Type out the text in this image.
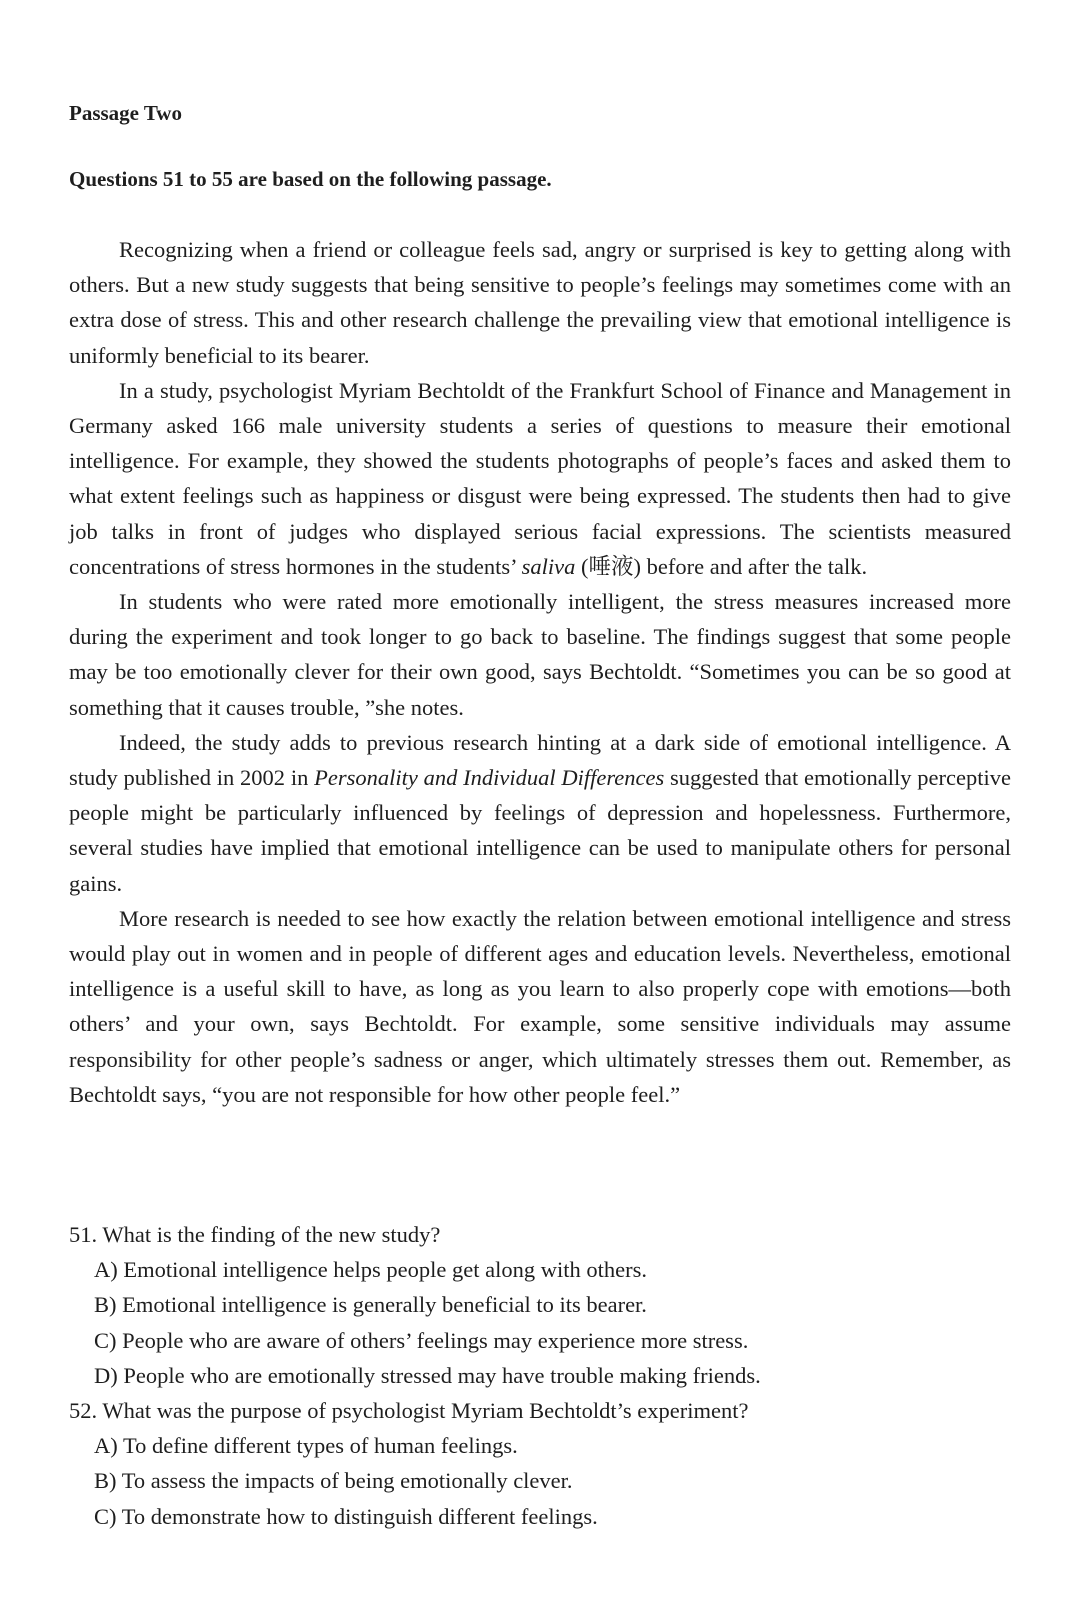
Passage Two
Questions 51 to 55 are based on the following passage.

Recognizing when a friend or colleague feels sad, angry or surprised is key to getting along with others. But a new study suggests that being sensitive to people’s feelings may sometimes come with an extra dose of stress. This and other research challenge the prevailing view that emotional intelligence is uniformly beneficial to its bearer.

In a study, psychologist Myriam Bechtoldt of the Frankfurt School of Finance and Management in Germany asked 166 male university students a series of questions to measure their emotional intelligence. For example, they showed the students photographs of people’s faces and asked them to what extent feelings such as happiness or disgust were being expressed. The students then had to give job talks in front of judges who displayed serious facial expressions. The scientists measured concentrations of stress hormones in the students’ saliva (唾液) before and after the talk.

In students who were rated more emotionally intelligent, the stress measures increased more during the experiment and took longer to go back to baseline. The findings suggest that some people may be too emotionally clever for their own good, says Bechtoldt. “Sometimes you can be so good at something that it causes trouble, ”she notes.

Indeed, the study adds to previous research hinting at a dark side of emotional intelligence. A study published in 2002 in Personality and Individual Differences suggested that emotionally perceptive people might be particularly influenced by feelings of depression and hopelessness. Furthermore, several studies have implied that emotional intelligence can be used to manipulate others for personal gains.

More research is needed to see how exactly the relation between emotional intelligence and stress would play out in women and in people of different ages and education levels. Nevertheless, emotional intelligence is a useful skill to have, as long as you learn to also properly cope with emotions—both others’ and your own, says Bechtoldt. For example, some sensitive individuals may assume responsibility for other people’s sadness or anger, which ultimately stresses them out. Remember, as Bechtoldt says, “you are not responsible for how other people feel.”

51. What is the finding of the new study?

A) Emotional intelligence helps people get along with others.
B) Emotional intelligence is generally beneficial to its bearer.
C) People who are aware of others’ feelings may experience more stress.
D) People who are emotionally stressed may have trouble making friends.

52. What was the purpose of psychologist Myriam Bechtoldt’s experiment?

A) To define different types of human feelings.
B) To assess the impacts of being emotionally clever.
C) To demonstrate how to distinguish different feelings.
